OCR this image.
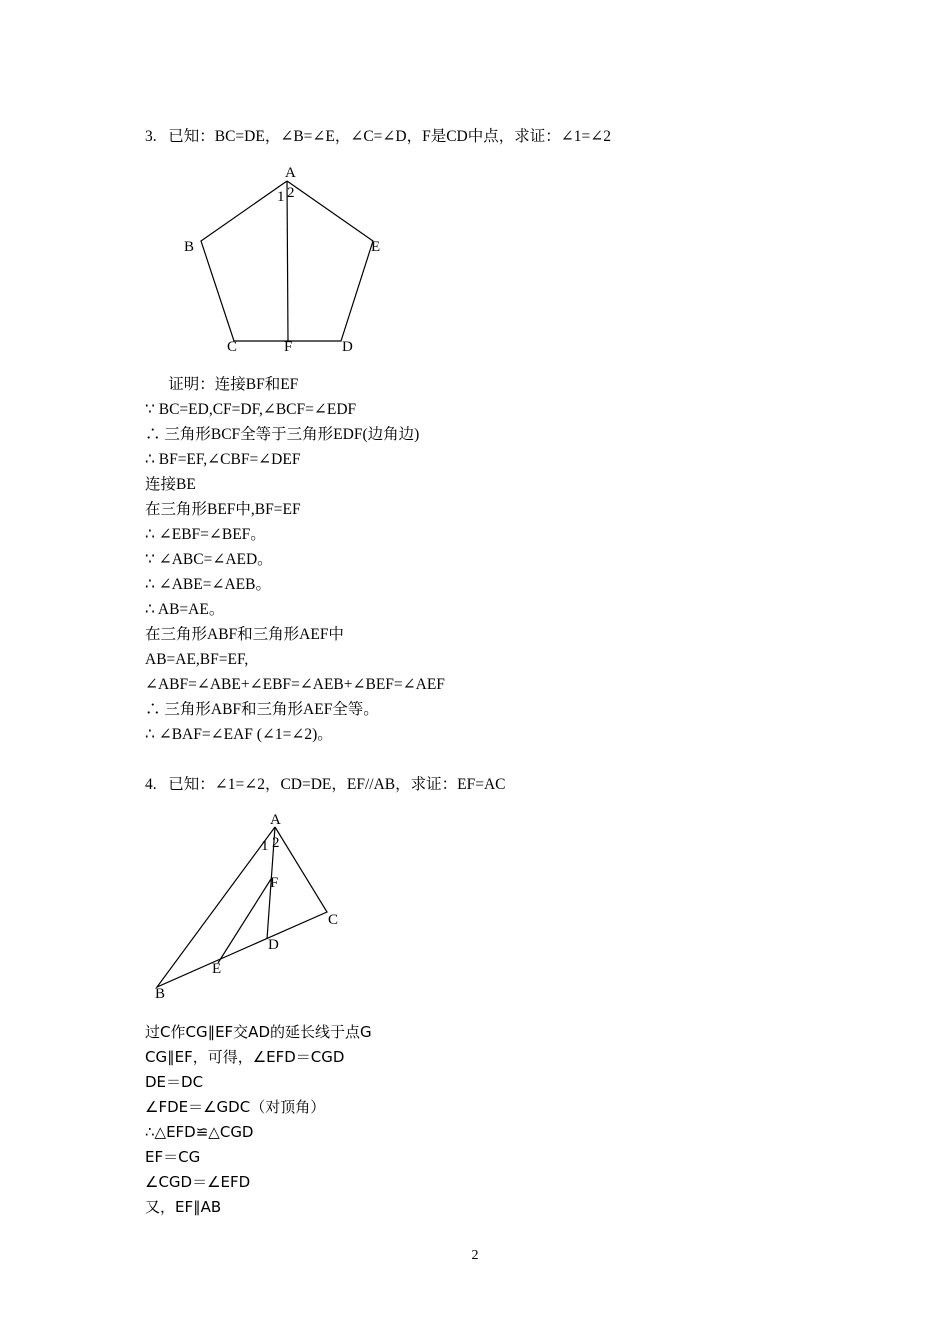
3.   已知：BC=DE，∠B=∠E，∠C=∠D，F是CD中点，求证：∠1=∠2
A
1 2
B	E
C	F	D
证明：连接BF和EF
∵ BC=ED,CF=DF,∠BCF=∠EDF
∴ 三角形BCF全等于三角形EDF(边角边)
∴ BF=EF,∠CBF=∠DEF
连接BE
在三角形BEF中,BF=EF
∴ ∠EBF=∠BEF。
∵ ∠ABC=∠AED。
∴ ∠ABE=∠AEB。
∴ AB=AE。
在三角形ABF和三角形AEF中
AB=AE,BF=EF,
∠ABF=∠ABE+∠EBF=∠AEB+∠BEF=∠AEF
∴ 三角形ABF和三角形AEF全等。
∴ ∠BAF=∠EAF (∠1=∠2)。
4.   已知：∠1=∠2，CD=DE，EF//AB，求证：EF=AC
A
1 2
F
C
D
E
B
过C作CG∥EF交AD的延长线于点G
CG∥EF，可得，∠EFD＝CGD
DE＝DC
∠FDE＝∠GDC（对顶角）
∴△EFD≌△CGD
EF＝CG
∠CGD＝∠EFD
又，EF∥AB
2
